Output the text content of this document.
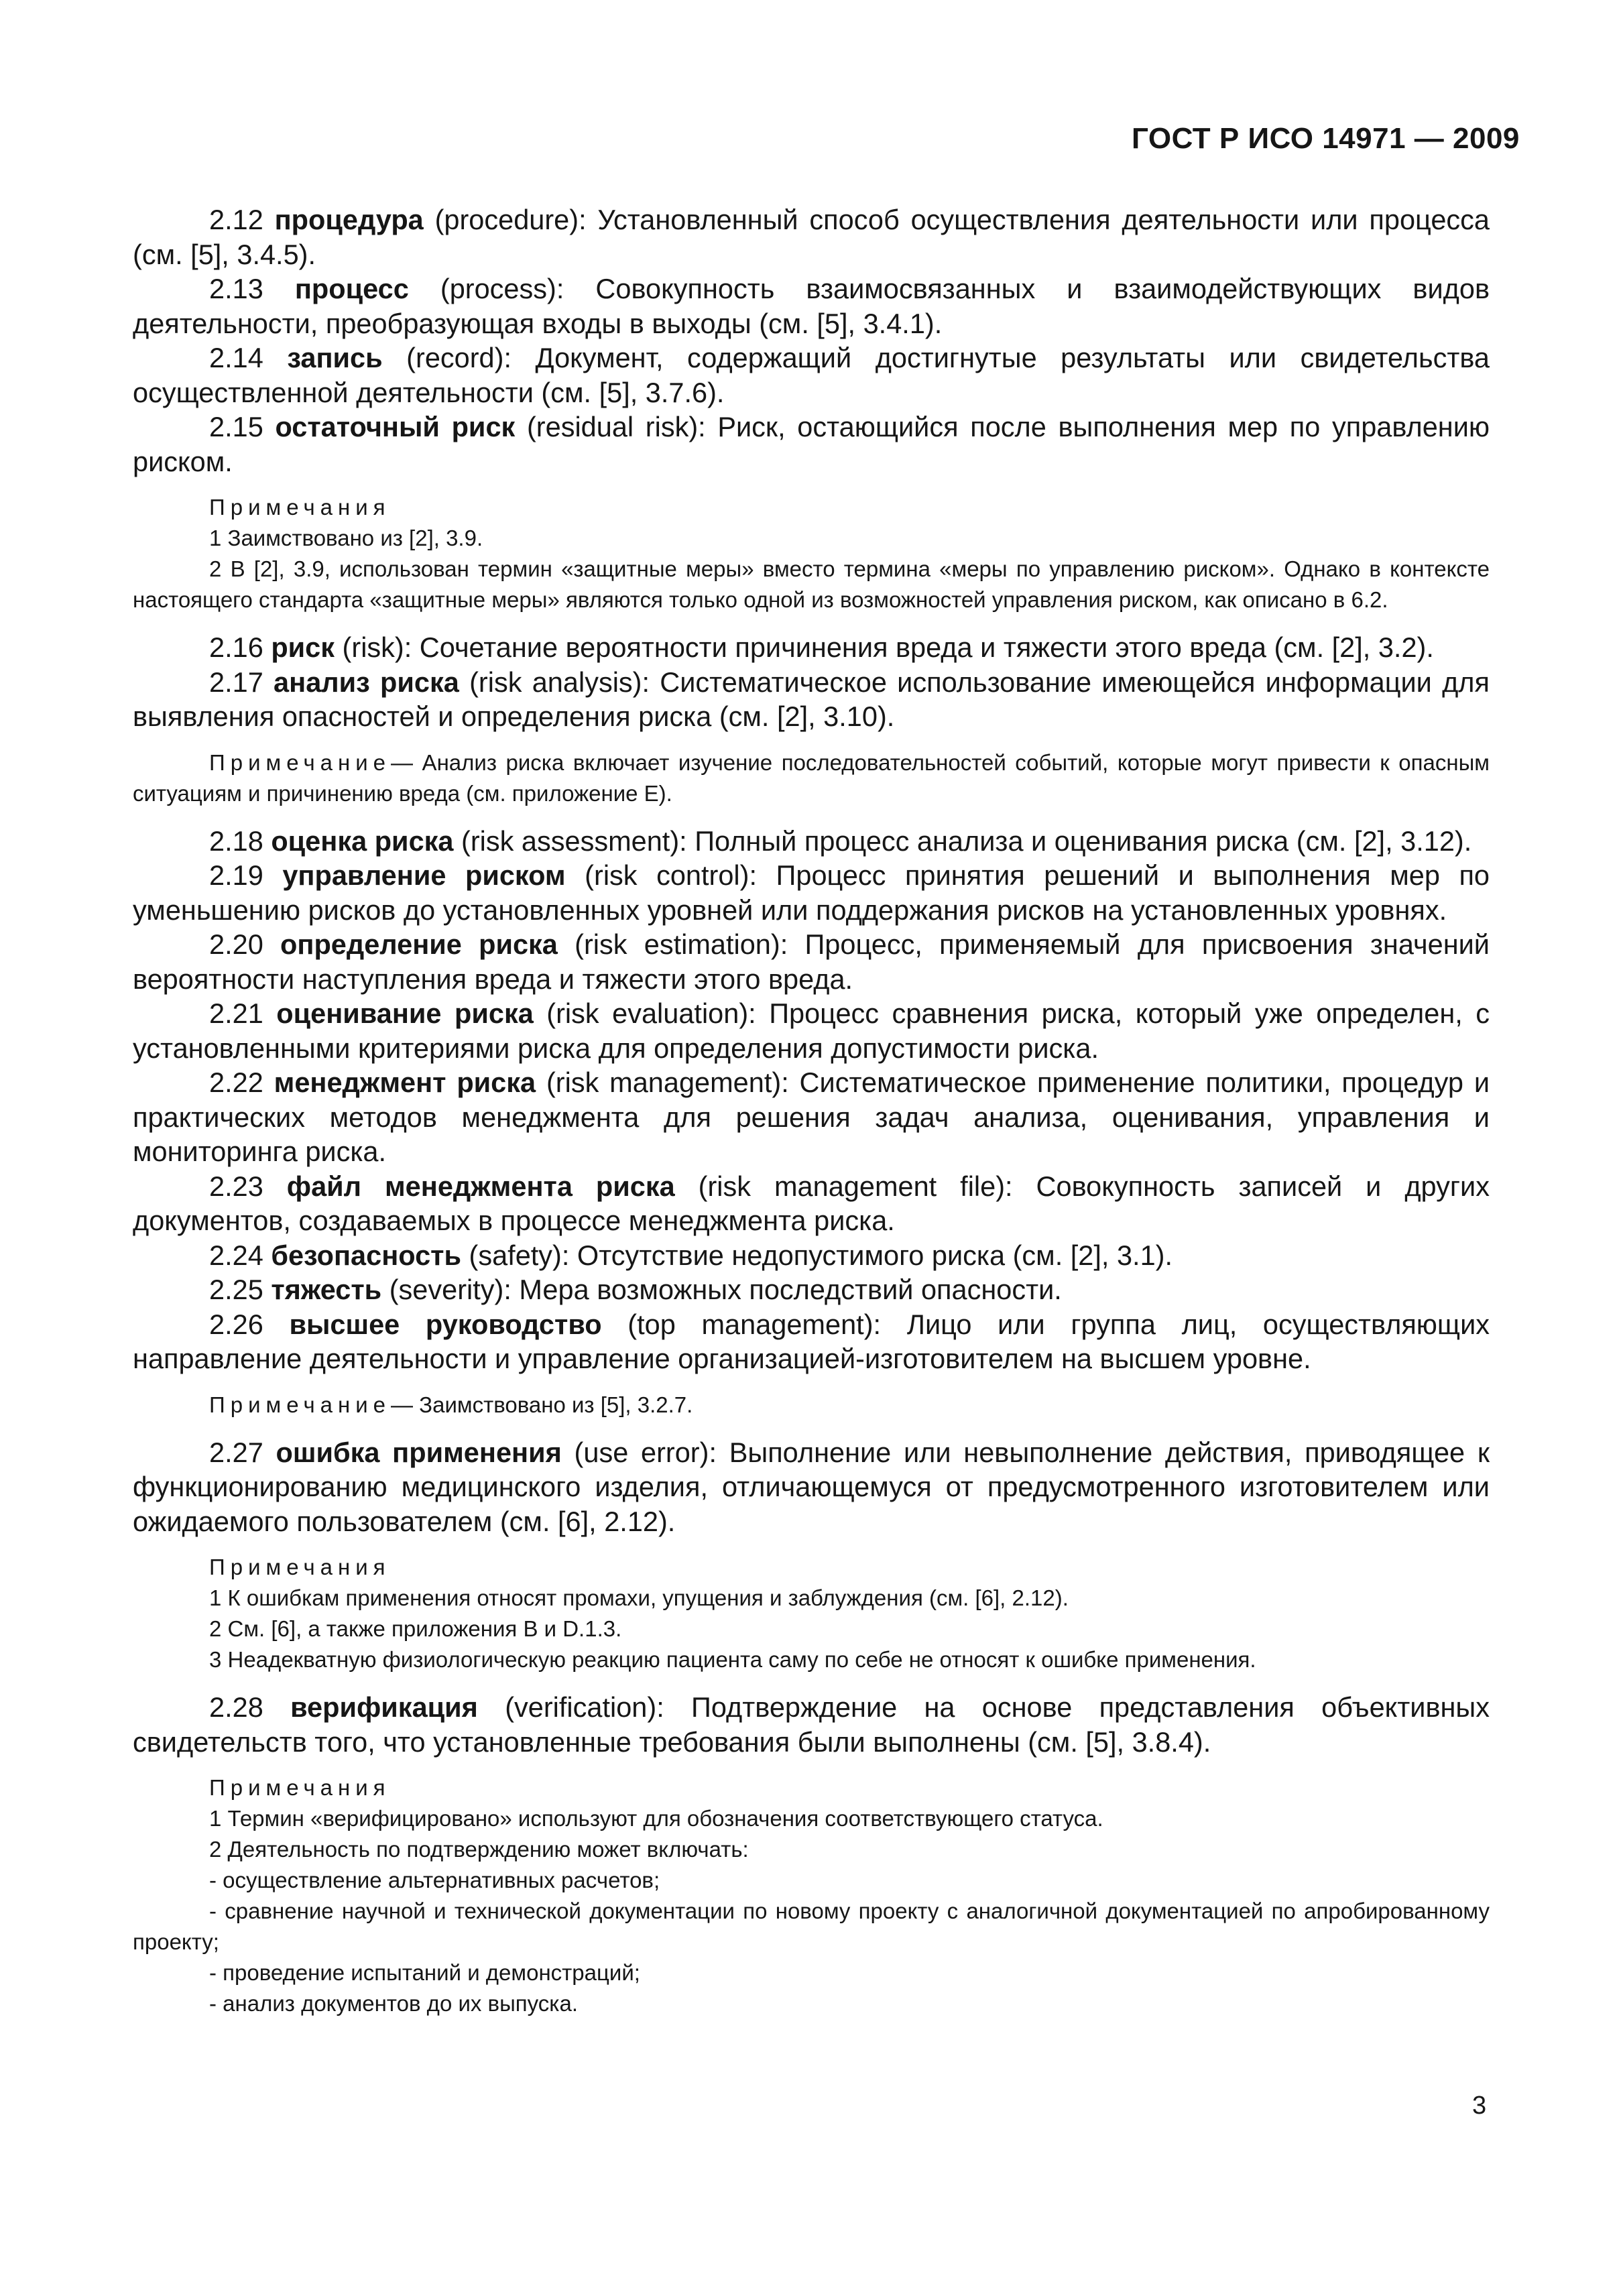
ГОСТ Р ИСО 14971 — 2009

2.12 процедура (procedure): Установленный способ осуществления деятельности или процесса (см. [5], 3.4.5).

2.13 процесс (process): Совокупность взаимосвязанных и взаимодействующих видов деятельности, преобразующая входы в выходы (см. [5], 3.4.1).

2.14 запись (record): Документ, содержащий достигнутые результаты или свидетельства осуществленной деятельности (см. [5], 3.7.6).

2.15 остаточный риск (residual risk): Риск, остающийся после выполнения мер по управлению риском.

Примечания

1 Заимствовано из [2], 3.9.

2 В [2], 3.9, использован термин «защитные меры» вместо термина «меры по управлению риском». Однако в контексте настоящего стандарта «защитные меры» являются только одной из возможностей управления риском, как описано в 6.2.

2.16 риск (risk): Сочетание вероятности причинения вреда и тяжести этого вреда (см. [2], 3.2).

2.17 анализ риска (risk analysis): Систематическое использование имеющейся информации для выявления опасностей и определения риска (см. [2], 3.10).

Примечание— Анализ риска включает изучение последовательностей событий, которые могут привести к опасным ситуациям и причинению вреда (см. приложение Е).

2.18 оценка риска (risk assessment): Полный процесс анализа и оценивания риска (см. [2], 3.12).

2.19 управление риском (risk control): Процесс принятия решений и выполнения мер по уменьшению рисков до установленных уровней или поддержания рисков на установленных уровнях.

2.20 определение риска (risk estimation): Процесс, применяемый для присвоения значений вероятности наступления вреда и тяжести этого вреда.

2.21 оценивание риска (risk evaluation): Процесс сравнения риска, который уже определен, с установленными критериями риска для определения допустимости риска.

2.22 менеджмент риска (risk management): Систематическое применение политики, процедур и практических методов менеджмента для решения задач анализа, оценивания, управления и мониторинга риска.

2.23 файл менеджмента риска (risk management file): Совокупность записей и других документов, создаваемых в процессе менеджмента риска.

2.24 безопасность (safety): Отсутствие недопустимого риска (см. [2], 3.1).

2.25 тяжесть (severity): Мера возможных последствий опасности.

2.26 высшее руководство (top management): Лицо или группа лиц, осуществляющих направление деятельности и управление организацией-изготовителем на высшем уровне.

Примечание— Заимствовано из [5], 3.2.7.

2.27 ошибка применения (use error): Выполнение или невыполнение действия, приводящее к функционированию медицинского изделия, отличающемуся от предусмотренного изготовителем или ожидаемого пользователем (см. [6], 2.12).

Примечания

1 К ошибкам применения относят промахи, упущения и заблуждения (см. [6], 2.12).

2 См. [6], а также приложения В и D.1.3.

3 Неадекватную физиологическую реакцию пациента саму по себе не относят к ошибке применения.

2.28 верификация (verification): Подтверждение на основе представления объективных свидетельств того, что установленные требования были выполнены (см. [5], 3.8.4).

Примечания

1 Термин «верифицировано» используют для обозначения соответствующего статуса.

2 Деятельность по подтверждению может включать:

- осуществление альтернативных расчетов;

- сравнение научной и технической документации по новому проекту с аналогичной документацией по апробированному проекту;

- проведение испытаний и демонстраций;

- анализ документов до их выпуска.

3
